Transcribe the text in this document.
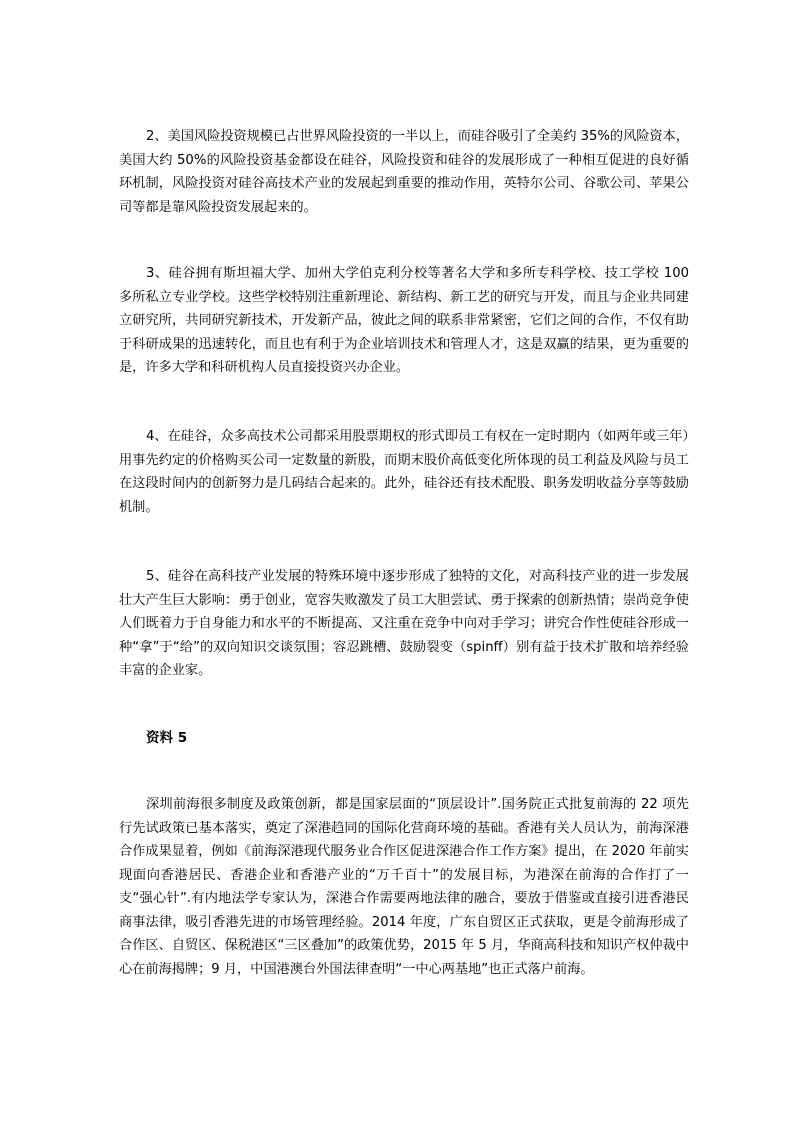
2、美国风险投资规模已占世界风险投资的一半以上，而硅谷吸引了全美约 35%的风险资本，美国大约 50%的风险投资基金都设在硅谷，风险投资和硅谷的发展形成了一种相互促进的良好循环机制，风险投资对硅谷高技术产业的发展起到重要的推动作用，英特尔公司、谷歌公司、苹果公司等都是靠风险投资发展起来的。

3、硅谷拥有斯坦福大学、加州大学伯克利分校等著名大学和多所专科学校、技工学校 100 多所私立专业学校。这些学校特别注重新理论、新结构、新工艺的研究与开发，而且与企业共同建立研究所，共同研究新技术，开发新产品，彼此之间的联系非常紧密，它们之间的合作，不仅有助于科研成果的迅速转化，而且也有利于为企业培训技术和管理人才，这是双赢的结果，更为重要的是，许多大学和科研机构人员直接投资兴办企业。

4、在硅谷，众多高技术公司都采用股票期权的形式即员工有权在一定时期内（如两年或三年）用事先约定的价格购买公司一定数量的新股，而期末股价高低变化所体现的员工利益及风险与员工在这段时间内的创新努力是几码结合起来的。此外，硅谷还有技术配股、职务发明收益分享等鼓励机制。

5、硅谷在高科技产业发展的特殊环境中逐步形成了独特的文化，对高科技产业的进一步发展壮大产生巨大影响：勇于创业，宽容失败激发了员工大胆尝试、勇于探索的创新热情；崇尚竞争使人们既着力于自身能力和水平的不断提高、又注重在竞争中向对手学习；讲究合作性使硅谷形成一种“拿”于“给”的双向知识交谈氛围；容忍跳槽、鼓励裂变（spinff）别有益于技术扩散和培养经验丰富的企业家。

资料 5

深圳前海很多制度及政策创新，都是国家层面的“顶层设计”.国务院正式批复前海的 22 项先行先试政策已基本落实，奠定了深港趋同的国际化营商环境的基础。香港有关人员认为，前海深港合作成果显着，例如《前海深港现代服务业合作区促进深港合作工作方案》提出，在 2020 年前实现面向香港居民、香港企业和香港产业的“万千百十”的发展目标，为港深在前海的合作打了一支“强心针”.有内地法学专家认为，深港合作需要两地法律的融合，要放于借鉴或直接引进香港民商事法律，吸引香港先进的市场管理经验。2014 年度，广东自贸区正式获取，更是令前海形成了合作区、自贸区、保税港区“三区叠加”的政策优势，2015 年 5 月，华商高科技和知识产权仲裁中心在前海揭牌；9 月，中国港澳台外国法律查明“一中心两基地”也正式落户前海。
